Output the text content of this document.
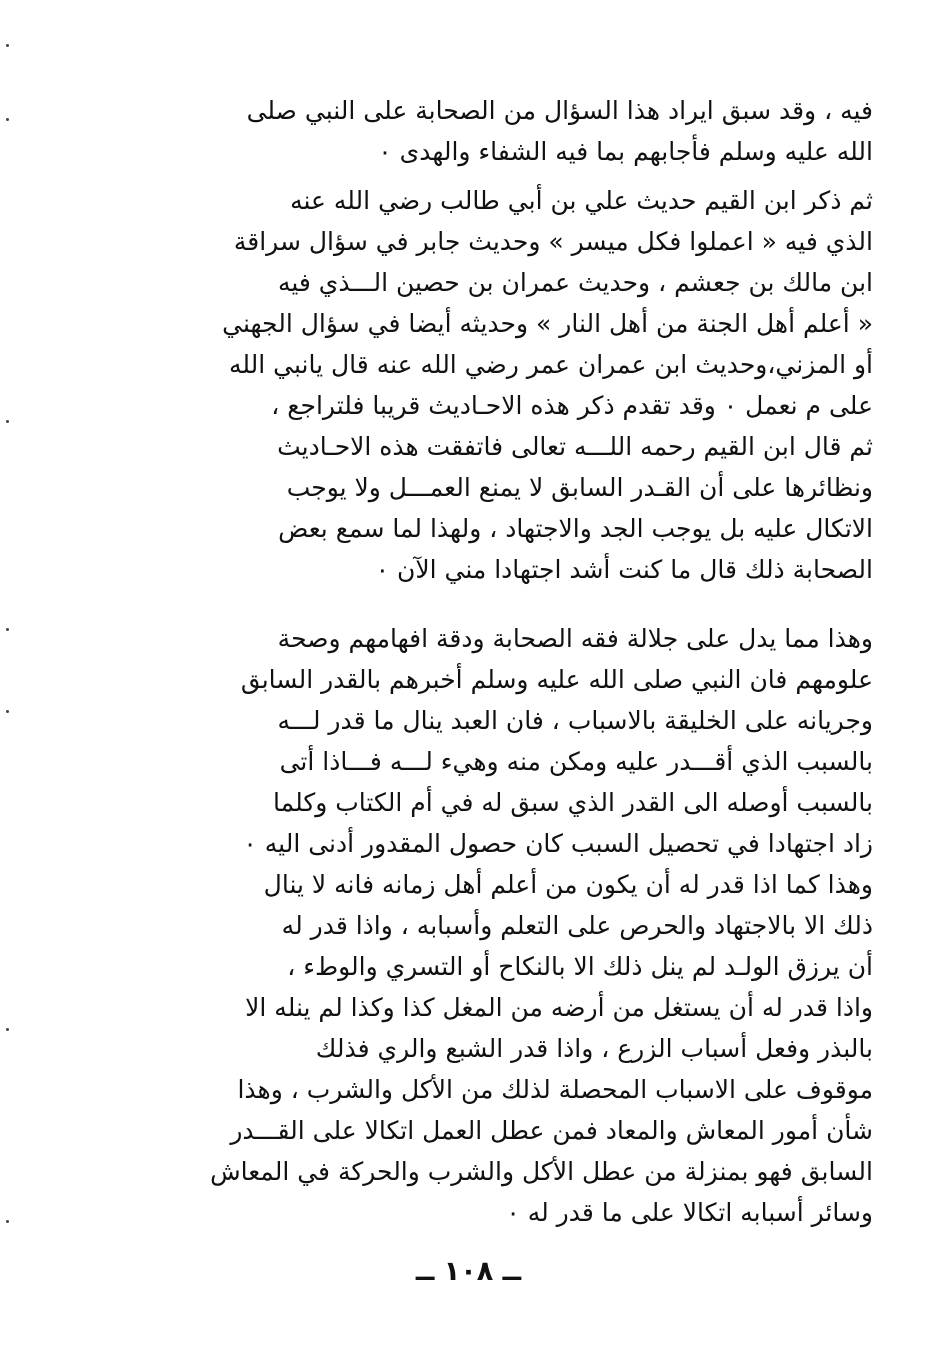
فيه ، وقد سبق ايراد هذا السؤال من الصحابة على النبي صلى
الله عليه وسلم فأجابهم بما فيه الشفاء والهدى ٠
ثم ذكر ابن القيم حديث علي بن أبي طالب رضي الله عنه
الذي فيه « اعملوا فكل ميسر » وحديث جابر في سؤال سراقة
ابن مالك بن جعشم ، وحديث عمران بن حصين الـــذي فيه
« أعلم أهل الجنة من أهل النار » وحديثه أيضا في سؤال الجهني
أو المزني،وحديث ابن عمران عمر رضي الله عنه قال يانبي الله
على م نعمل ٠ وقد تقدم ذكر هذه الاحـاديث قريبا فلتراجع ،
ثم قال ابن القيم رحمه اللـــه تعالى فاتفقت هذه الاحـاديث
ونظائرها على أن القـدر السابق لا يمنع العمـــل ولا يوجب
الاتكال عليه بل يوجب الجد والاجتهاد ، ولهذا لما سمع بعض
الصحابة ذلك قال ما كنت أشد اجتهادا مني الآن ٠
وهذا مما يدل على جلالة فقه الصحابة ودقة افهامهم وصحة
علومهم فان النبي صلى الله عليه وسلم أخبرهم بالقدر السابق
وجريانه على الخليقة بالاسباب ، فان العبد ينال ما قدر لـــه
بالسبب الذي أقـــدر عليه ومكن منه وهيء لـــه فـــاذا أتى
بالسبب أوصله الى القدر الذي سبق له في أم الكتاب وكلما
زاد اجتهادا في تحصيل السبب كان حصول المقدور أدنى اليه ٠
وهذا كما اذا قدر له أن يكون من أعلم أهل زمانه فانه لا ينال
ذلك الا بالاجتهاد والحرص على التعلم وأسبابه ، واذا قدر له
أن يرزق الولـد لم ينل ذلك الا بالنكاح أو التسري والوطء ،
واذا قدر له أن يستغل من أرضه من المغل كذا وكذا لم ينله الا
بالبذر وفعل أسباب الزرع ، واذا قدر الشبع والري فذلك
موقوف على الاسباب المحصلة لذلك من الأكل والشرب ، وهذا
شأن أمور المعاش والمعاد فمن عطل العمل اتكالا على القـــدر
السابق فهو بمنزلة من عطل الأكل والشرب والحركة في المعاش
وسائر أسبابه اتكالا على ما قدر له ٠
ــ ١٠٨ ــ
